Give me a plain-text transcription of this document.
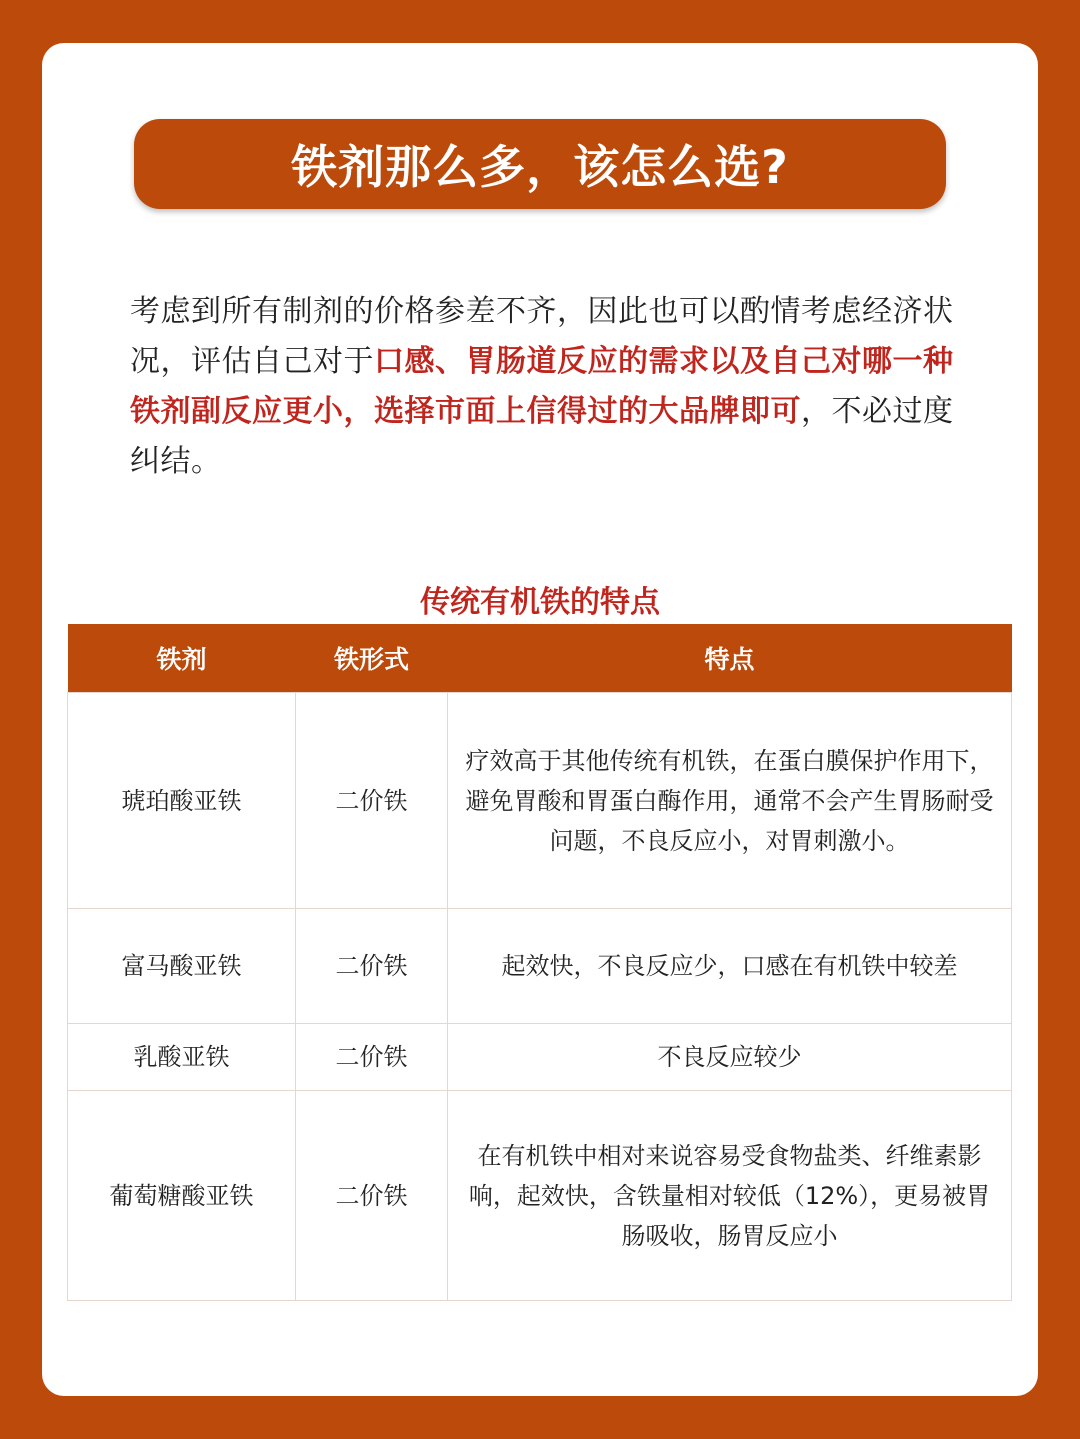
铁剂那么多，该怎么选?

考虑到所有制剂的价格参差不齐，因此也可以酌情考虑经济状况，评估自己对于口感、胃肠道反应的需求以及自己对哪一种铁剂副反应更小，选择市面上信得过的大品牌即可，不必过度纠结。

传统有机铁的特点
铁剂	铁形式	特点
琥珀酸亚铁	二价铁	疗效高于其他传统有机铁，在蛋白膜保护作用下，避免胃酸和胃蛋白酶作用，通常不会产生胃肠耐受问题，不良反应小，对胃刺激小。
富马酸亚铁	二价铁	起效快，不良反应少，口感在有机铁中较差
乳酸亚铁	二价铁	不良反应较少
葡萄糖酸亚铁	二价铁	在有机铁中相对来说容易受食物盐类、纤维素影响，起效快，含铁量相对较低（12%），更易被胃肠吸收，肠胃反应小
